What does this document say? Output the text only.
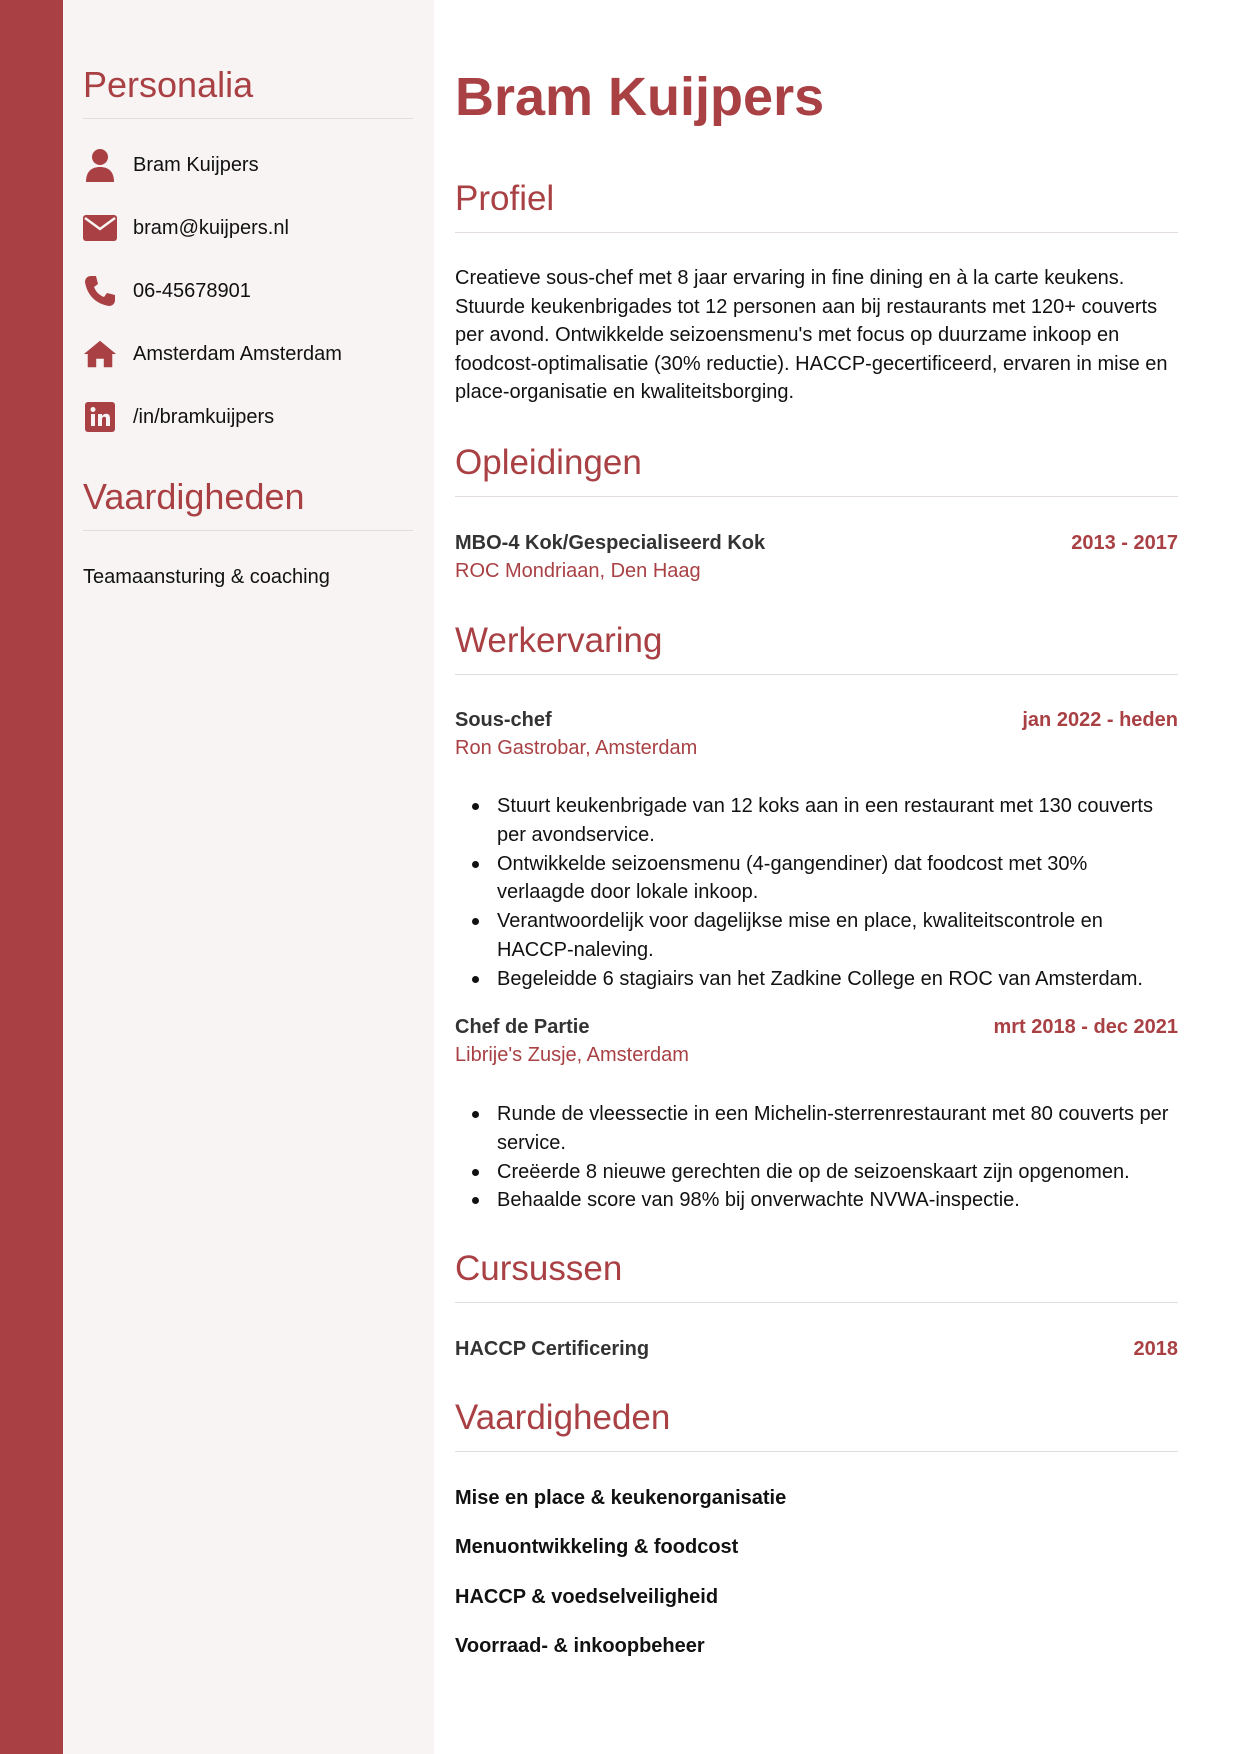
Personalia
Bram Kuijpers
bram@kuijpers.nl
06-45678901
Amsterdam Amsterdam
/in/bramkuijpers
Vaardigheden
Teamaansturing & coaching
Bram Kuijpers
Profiel

Creatieve sous-chef met 8 jaar ervaring in fine dining en à la carte keukens. Stuurde keukenbrigades tot 12 personen aan bij restaurants met 120+ couverts per avond. Ontwikkelde seizoensmenu's met focus op duurzame inkoop en foodcost-optimalisatie (30% reductie). HACCP-gecertificeerd, ervaren in mise en place-organisatie en kwaliteitsborging.

Opleidingen
MBO-4 Kok/Gespecialiseerd Kok	2013 - 2017
ROC Mondriaan, Den Haag
Werkervaring
Sous-chef	jan 2022 - heden
Ron Gastrobar, Amsterdam
Stuurt keukenbrigade van 12 koks aan in een restaurant met 130 couverts per avondservice.
Ontwikkelde seizoensmenu (4-gangendiner) dat foodcost met 30% verlaagde door lokale inkoop.
Verantwoordelijk voor dagelijkse mise en place, kwaliteitscontrole en HACCP-naleving.
Begeleidde 6 stagiairs van het Zadkine College en ROC van Amsterdam.
Chef de Partie	mrt 2018 - dec 2021
Librije's Zusje, Amsterdam
Runde de vleessectie in een Michelin-sterrenrestaurant met 80 couverts per service.
Creëerde 8 nieuwe gerechten die op de seizoenskaart zijn opgenomen.
Behaalde score van 98% bij onverwachte NVWA-inspectie.
Cursussen
HACCP Certificering	2018
Vaardigheden
Mise en place & keukenorganisatie
Menuontwikkeling & foodcost
HACCP & voedselveiligheid
Voorraad- & inkoopbeheer
